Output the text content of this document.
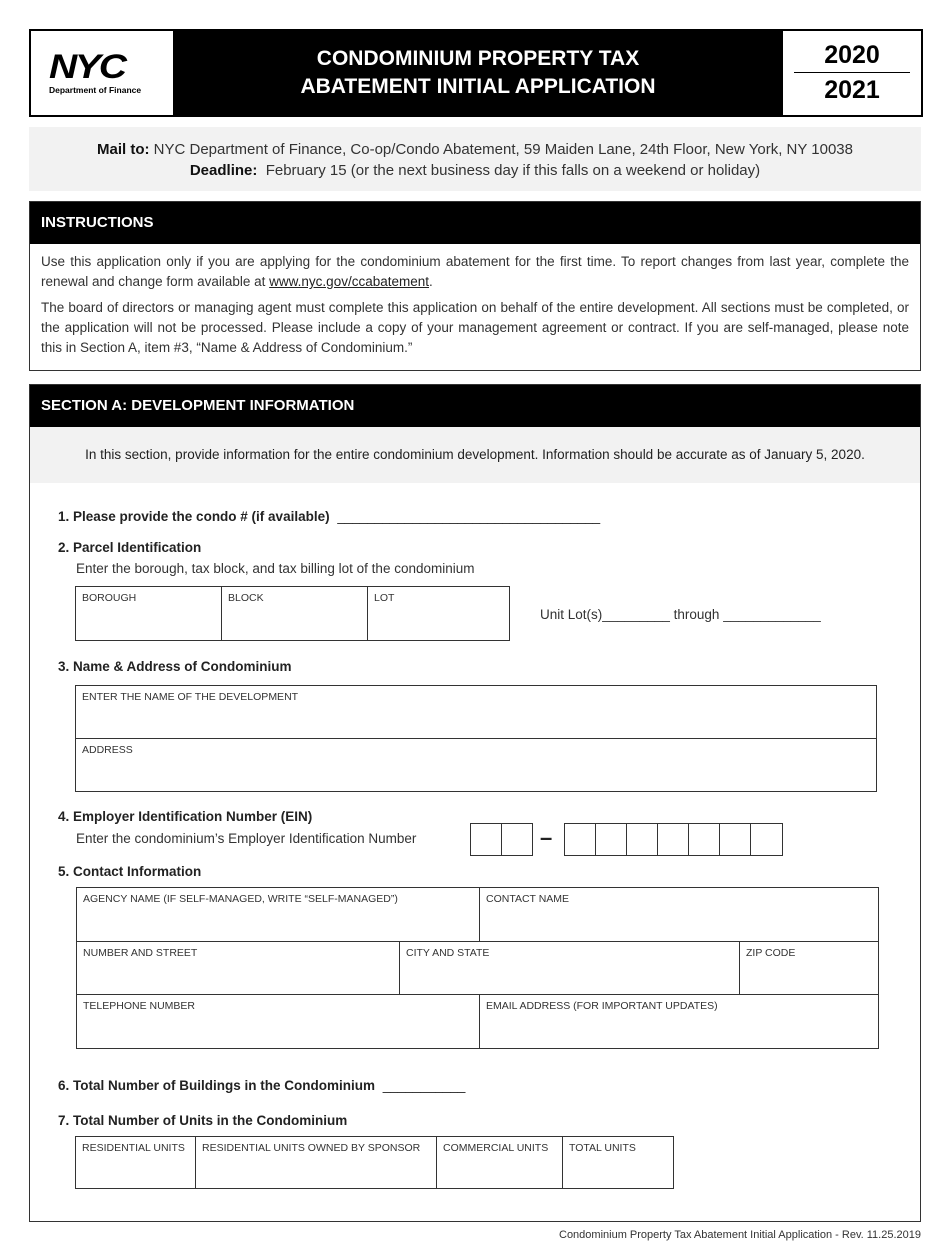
NYC
Department of Finance
CONDOMINIUM PROPERTY TAX
ABATEMENT INITIAL APPLICATION
2020
2021
Mail to: NYC Department of Finance, Co-op/Condo Abatement, 59 Maiden Lane, 24th Floor, New York, NY 10038
Deadline: February 15 (or the next business day if this falls on a weekend or holiday)
INSTRUCTIONS

Use this application only if you are applying for the condominium abatement for the first time. To report changes from last year, complete the renewal and change form available at www.nyc.gov/ccabatement.

The board of directors or managing agent must complete this application on behalf of the entire development. All sections must be completed, or the application will not be processed. Please include a copy of your management agreement or contract. If you are self-managed, please note this in Section A, item #3, “Name & Address of Condominium.”

SECTION A: DEVELOPMENT INFORMATION
In this section, provide information for the entire condominium development. Information should be accurate as of January 5, 2020.
1. Please provide the condo # (if available) ___________________________________
2. Parcel Identification
Enter the borough, tax block, and tax billing lot of the condominium
BOROUGH	BLOCK	LOT
Unit Lot(s)_________ through _____________
3. Name & Address of Condominium
ENTER THE NAME OF THE DEVELOPMENT
ADDRESS
4. Employer Identification Number (EIN)
Enter the condominium’s Employer Identification Number	–
5. Contact Information
AGENCY NAME (IF SELF-MANAGED, WRITE “SELF-MANAGED”)	CONTACT NAME
NUMBER AND STREET	CITY AND STATE	ZIP CODE
TELEPHONE NUMBER	EMAIL ADDRESS (FOR IMPORTANT UPDATES)
6. Total Number of Buildings in the Condominium ___________
7. Total Number of Units in the Condominium
RESIDENTIAL UNITS	RESIDENTIAL UNITS OWNED BY SPONSOR	COMMERCIAL UNITS	TOTAL UNITS
Condominium Property Tax Abatement Initial Application - Rev. 11.25.2019
